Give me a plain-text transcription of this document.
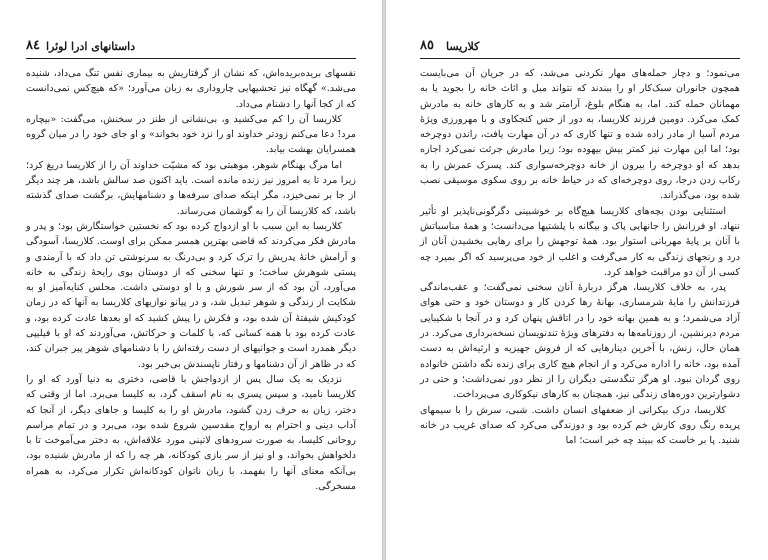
٨٤ داستانهای ادرا لوئرا

نفسهای بریده‌بریده‌اش، که نشان از گرفتاریش به بیماری نفس تنگ می‌داد، شنیده می‌شد.» گهگاه نیز تحشیهایی چاروداری به زبان می‌آورد؛ «که هیچ‌کس نمی‌دانست که از کجا آنها را دشنام می‌داد.

کلاریسا آن را کم می‌کشید و، بی‌نشانی از طنز در سخنش، می‌گفت: «بیچاره مرد! دعا می‌کنم زودتر خداوند او را نزد خود بخواند» و او جای خود را در میان گروه همسرایان بهشت بیابد.

اما مرگ بهنگام شوهر، موهبتی بود که مشیّت خداوند آن را از کلاریسا دریغ کرد؛ زیرا مرد تا به امروز نیز زنده مانده است. باید اکنون صد سالش باشد، هر چند دیگر از جا بر نمی‌خیزد، مگر اینکه صدای سرفه‌ها و دشنامهایش، برگشت صدای گذشته باشد، که کلاریسا آن را به گوشمان می‌رساند.

کلاریسا به این سبب با او ازدواج کرده بود که نخستین خواستگارش بود؛ و پدر و مادرش فکر می‌کردند که قاضی بهترین همسر ممکن برای اوست. کلاریسا، آسودگی و آرامش خانهٔ پدریش را ترک کرد و بی‌درنگ به سرنوشتی تن داد که با آرمندی و پستی شوهرش ساخت؛ و تنها سخنی که از دوستان بوی رایحهٔ زندگی به خانه می‌آورد، آن بود که از سر شورش و با او دوستی داشت. مجلس کنایه‌آمیز او به شکایت از زندگی و شوهر تبدیل شد، و در پیانو نوازیهای کلاریسا به آنها که در زمان کودکیش شیفتهٔ آن شده بود، و فکرش را پیش کشید که او بعدها عادت کرده بود، و عادت کرده بود با همه کسانی که، با کلمات و حرکاتش، می‌آوردند که او با فیلیپی دیگر همدرد است و جوانیهای از دست رفته‌اش را با دشنامهای شوهر پیر جبران کند، که در ظاهر از آن دشنامها و رفتار ناپسندش بی‌خبر بود.

نزدیک به یک سال پس از ازدواجش با قاضی، دختری به دنیا آورد که او را کلاریسا نامید، و سپس پسری به نام اسقف گرد، به کلیسا می‌برد. اما از وقتی که دختر، زبان به حرف زدن گشود، مادرش او را به کلیسا و جاهای دیگر، از آنجا که آداب دینی و احترام به ارواح مقدسین شروع شده بود، می‌برد و در تمام مراسم روحانی کلیسا، به صورت سرودهای لاتینی مورد علاقه‌اش، به دختر می‌آموخت تا با دلخواهش بخواند، و او نیز از سر بازی کودکانه، هر چه را که از مادرش شنیده بود، بی‌آنکه معنای آنها را بفهمد، با زبان ناتوان کودکانه‌اش تکرار می‌کرد، به همراه مسخرگی.

٨٥ کلاریسا

می‌نمود؛ و دچار حمله‌های مهار نکردنی می‌شد، که در جریان آن می‌بایست همچون جانوران سبک‌کار او را ببندند که نتواند مبل و اثاث خانه را بجوید یا به مهمانان حمله کند. اما، به هنگام بلوغ، آرامتر شد و به کارهای خانه به مادرش کمک می‌کرد. دومین فرزند کلاریسا، به دور از حس کنجکاوی و با مهرورزی ویژهٔ مردم آسیا از مادر زاده شده و تنها کاری که در آن مهارت یافت، راندن دوچرخه بود؛ اما این مهارت نیز کمتر بیش بیهوده بود؛ زیرا مادرش جرئت نمی‌کرد اجازه بدهد که او دوچرخه را بیرون از خانه دوچرخه‌سواری کند. پسرک عمرش را به رکاب زدن درجا، روی دوچرخه‌ای که در حیاط خانه بر روی سکوی موسیقی نصب شده بود، می‌گذراند.

استثنایی بودن بچه‌های کلاریسا هیچ‌گاه بر خوشبینی دگرگونی‌ناپذیر او تأثیر ننهاد. او فرزانش را جانهایی پاک و بیگانه با پلشتیها می‌دانست؛ و همهٔ مناسباتش با آنان بر پایهٔ مهربانی استوار بود. همهٔ توجهش را برای رهایی بخشیدن آنان از درد و رنجهای زندگی به کار می‌گرفت و اغلب از خود می‌پرسید که اگر بمیرد چه کسی از آن دو مراقبت خواهد کرد.

پدر، به خلاف کلاریسا، هرگز دربارهٔ آنان سخنی نمی‌گفت؛ و عقب‌ماندگی فرزندانش را مایهٔ شرمساری، بهانهٔ رها کردن کار و دوستان خود و حتی هوای آزاد می‌شمرد؛ و به همین بهانه خود را در اتاقش پنهان کرد و در آنجا با شکیبایی مردم دیرنشین، از روزنامه‌ها به دفترهای ویژهٔ تندنویسان نسخه‌برداری می‌کرد. در همان حال، زنش، با آخرین دینارهایی که از فروش جهیزیه و ارثیه‌اش به دست آمده بود، خانه را اداره می‌کرد و از انجام هیچ کاری برای زنده نگه داشتن خانواده روی گردان نبود. او هرگز تنگدستی دیگران را از نظر دور نمی‌داشت؛ و حتی در دشوارترین دوره‌های زندگی نیز، همچنان به کارهای نیکوکاری می‌پرداخت.

کلاریسا، درک بیکرانی از ضعفهای انسان داشت. شبی، سرش را با سیمهای پریده رنگ روی کارش خم کرده بود و دوزندگی می‌کرد که صدای غریب در خانه شنید. پا بر خاست که ببیند چه خبر است؛ اما
